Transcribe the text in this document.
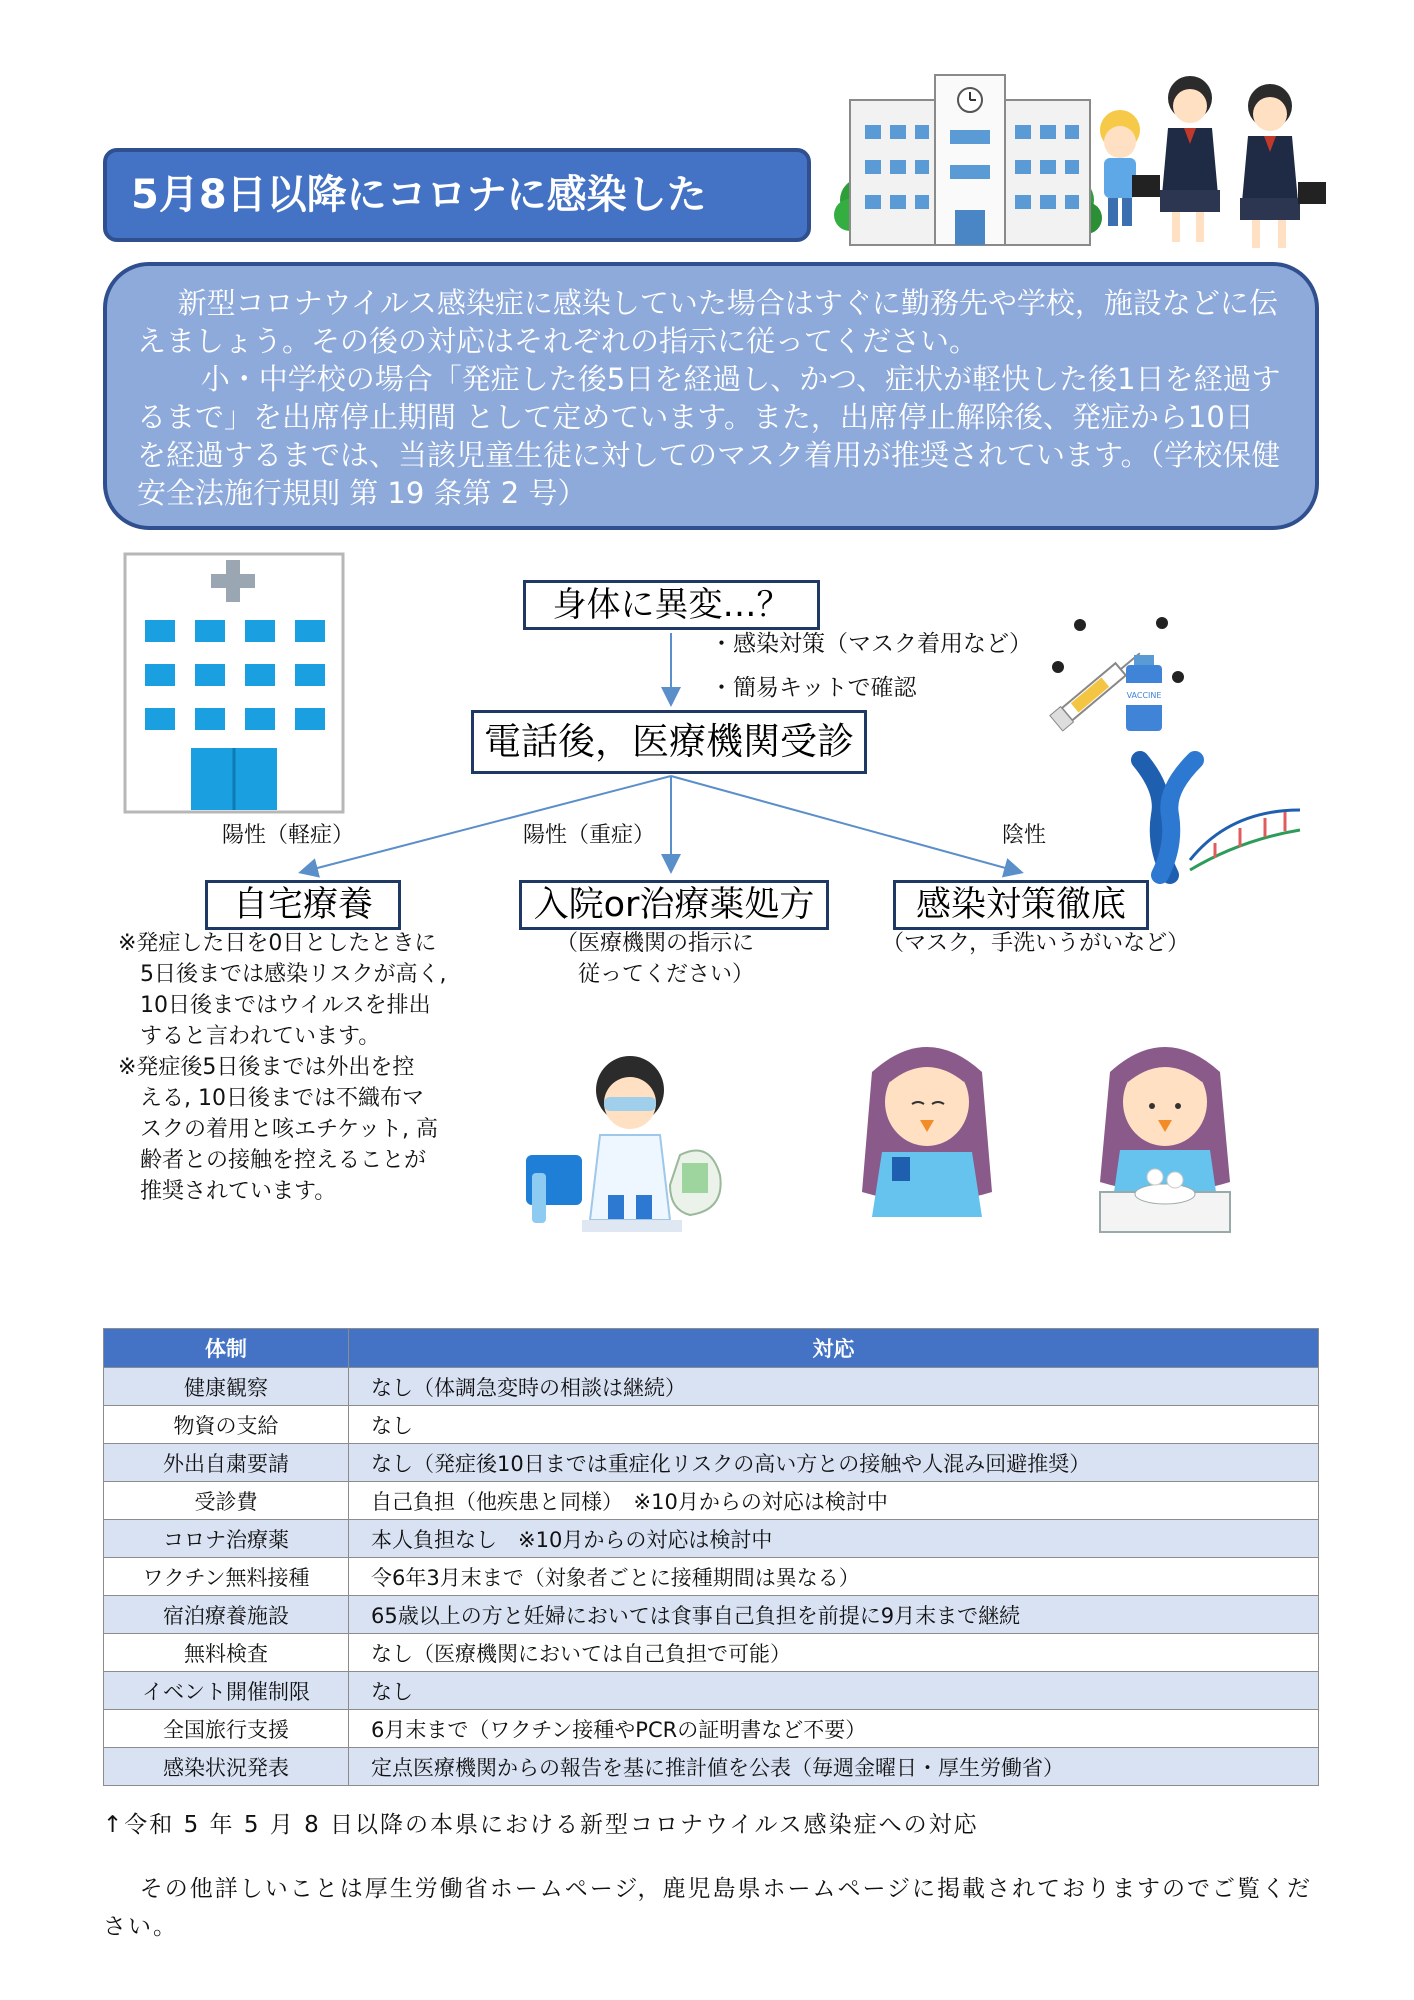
5月8日以降にコロナに感染した

新型コロナウイルス感染症に感染していた場合はすぐに勤務先や学校，施設などに伝えましょう。その後の対応はそれぞれの指示に従ってください。

小・中学校の場合「発症した後5日を経過し、かつ、症状が軽快した後1日を経過するまで」を出席停止期間 として定めています。また，出席停止解除後、発症から10日を経過するまでは、当該児童生徒に対してのマスク着用が推奨されています。（学校保健安全法施行規則 第 19 条第 2 号）

身体に異変…？
・感染対策（マスク着用など）
・簡易キットで確認
電話後，医療機関受診
陽性（軽症）	陽性（重症）	陰性
自宅療養	入院or治療薬処方	感染対策徹底
※発症した日を0日としたときに
　5日後までは感染リスクが高く,
　10日後まではウイルスを排出
　すると言われています。
※発症後5日後までは外出を控
　える, 10日後までは不織布マ
　スクの着用と咳エチケット, 高
　齢者との接触を控えることが
　推奨されています。
（医療機関の指示に
　従ってください）
（マスク，手洗いうがいなど）
VACCINE
体制	対応
健康観察	なし（体調急変時の相談は継続）
物資の支給	なし
外出自粛要請	なし（発症後10日までは重症化リスクの高い方との接触や人混み回避推奨）
受診費	自己負担（他疾患と同様）　※10月からの対応は検討中
コロナ治療薬	本人負担なし　※10月からの対応は検討中
ワクチン無料接種	令6年3月末まで（対象者ごとに接種期間は異なる）
宿泊療養施設	65歳以上の方と妊婦においては食事自己負担を前提に9月末まで継続
無料検査	なし（医療機関においては自己負担で可能）
イベント開催制限	なし
全国旅行支援	6月末まで（ワクチン接種やPCRの証明書など不要）
感染状況発表	定点医療機関からの報告を基に推計値を公表（毎週金曜日・厚生労働省）
↑令和 5 年 5 月 8 日以降の本県における新型コロナウイルス感染症への対応
その他詳しいことは厚生労働省ホームページ，鹿児島県ホームページに掲載されておりますのでご覧ください。
